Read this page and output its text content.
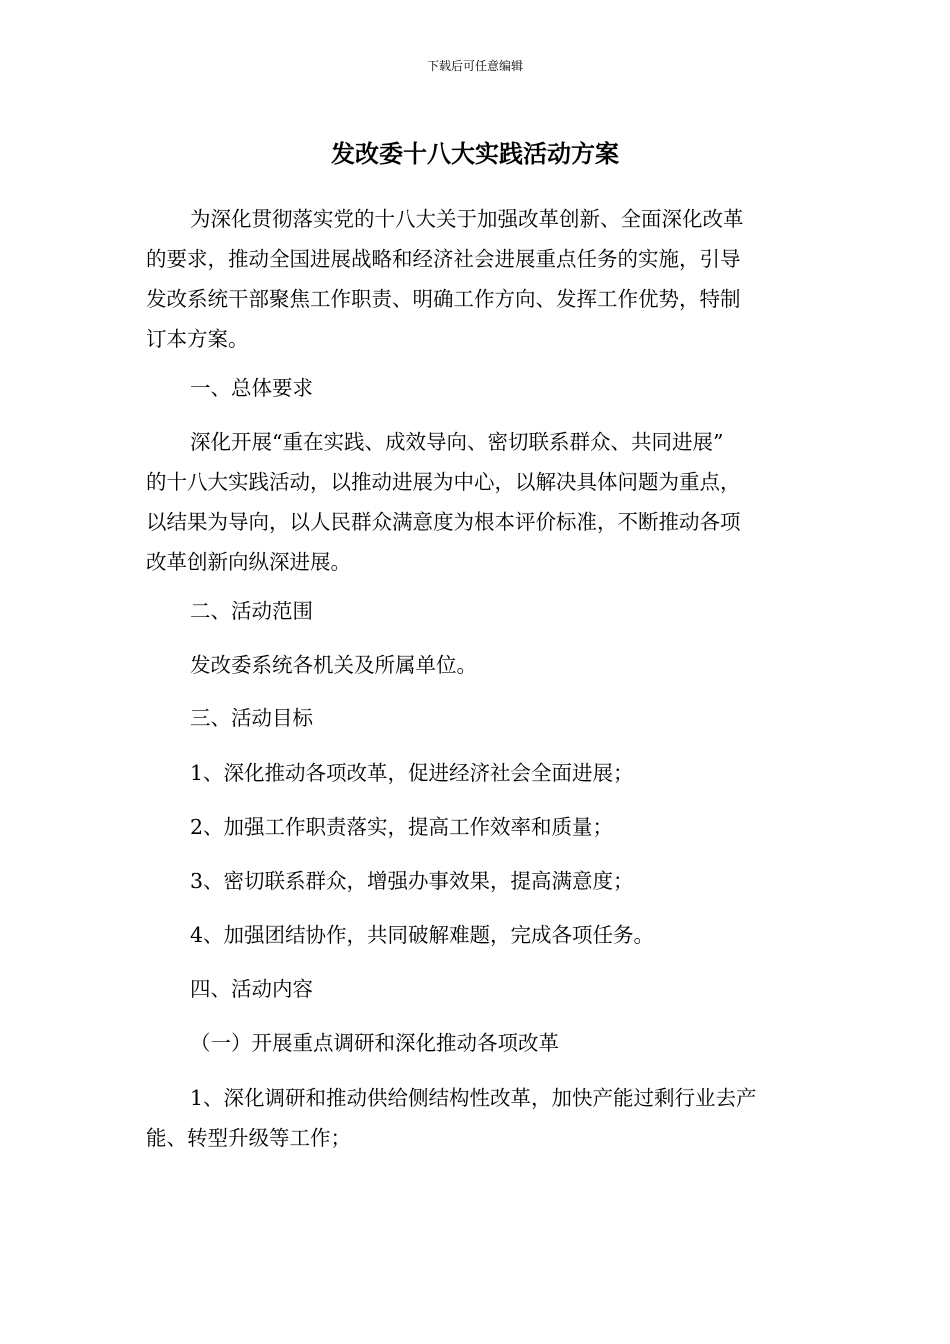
下载后可任意编辑
发改委十八大实践活动方案

为深化贯彻落实党的十八大关于加强改革创新、全面深化改革
的要求，推动全国进展战略和经济社会进展重点任务的实施，引导
发改系统干部聚焦工作职责、明确工作方向、发挥工作优势，特制
订本方案。

一、总体要求

深化开展“重在实践、成效导向、密切联系群众、共同进展”
的十八大实践活动，以推动进展为中心，以解决具体问题为重点，
以结果为导向，以人民群众满意度为根本评价标准，不断推动各项
改革创新向纵深进展。

二、活动范围

发改委系统各机关及所属单位。

三、活动目标

1、深化推动各项改革，促进经济社会全面进展；

2、加强工作职责落实，提高工作效率和质量；

3、密切联系群众，增强办事效果，提高满意度；

4、加强团结协作，共同破解难题，完成各项任务。

四、活动内容

（一）开展重点调研和深化推动各项改革

1、深化调研和推动供给侧结构性改革，加快产能过剩行业去产
能、转型升级等工作；
